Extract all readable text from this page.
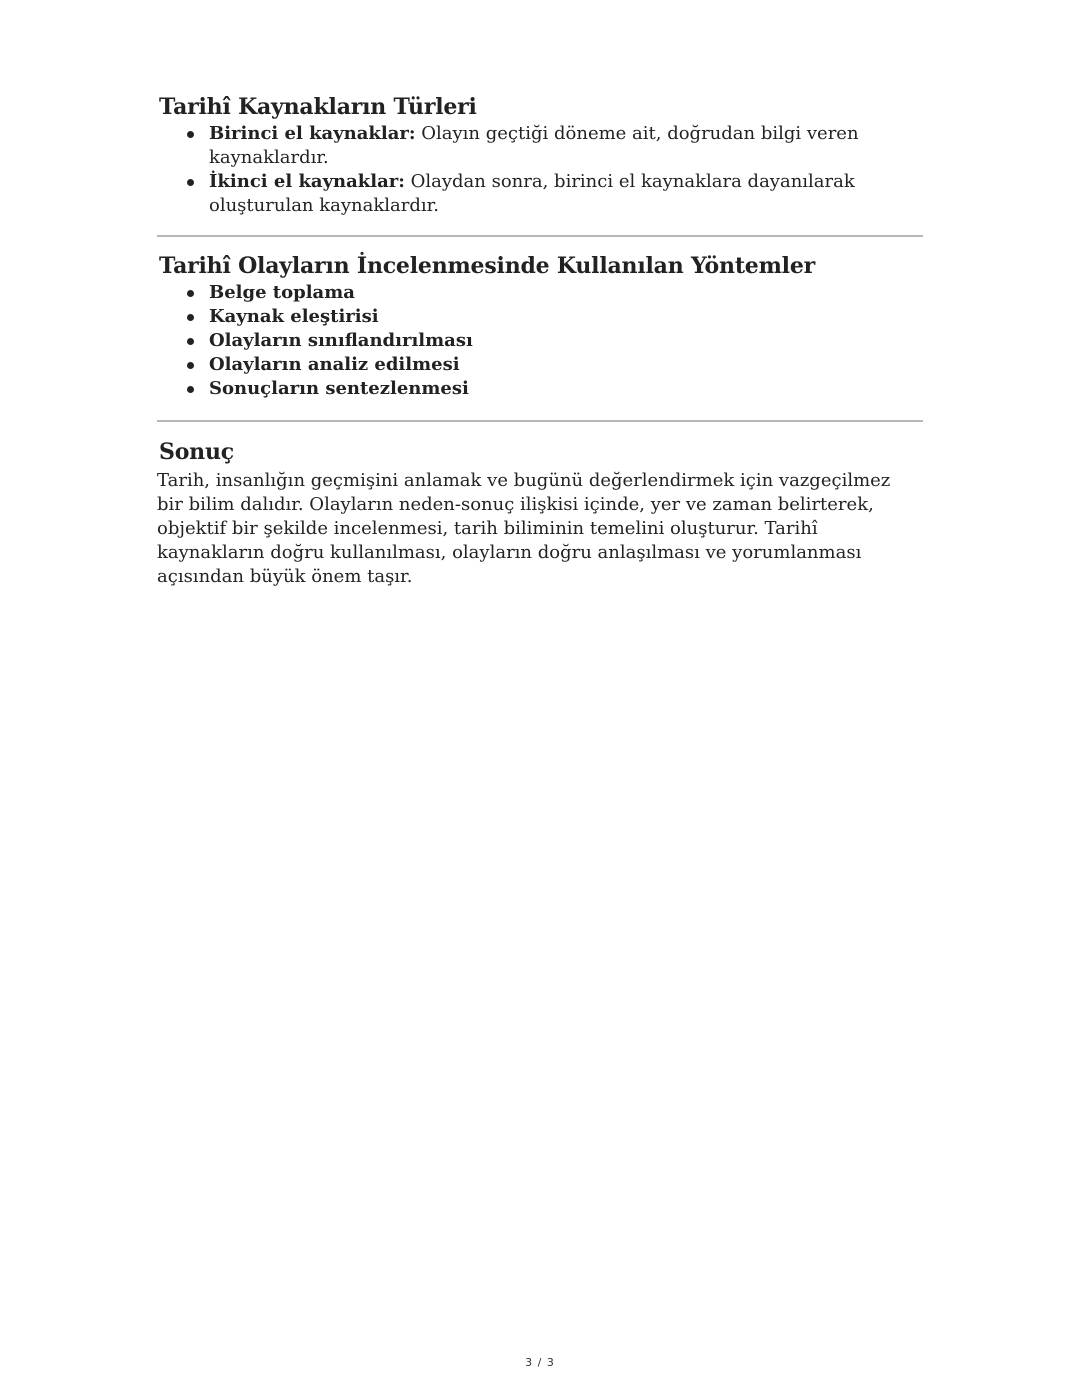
Tarihî Kaynakların Türleri
Birinci el kaynaklar: Olayın geçtiği döneme ait, doğrudan bilgi veren kaynaklardır.
İkinci el kaynaklar: Olaydan sonra, birinci el kaynaklara dayanılarak oluşturulan kaynaklardır.
Tarihî Olayların İncelenmesinde Kullanılan Yöntemler
Belge toplama
Kaynak eleştirisi
Olayların sınıflandırılması
Olayların analiz edilmesi
Sonuçların sentezlenmesi
Sonuç

Tarih, insanlığın geçmişini anlamak ve bugünü değerlendirmek için vazgeçilmez bir bilim dalıdır. Olayların neden-sonuç ilişkisi içinde, yer ve zaman belirterek, objektif bir şekilde incelenmesi, tarih biliminin temelini oluşturur. Tarihî kaynakların doğru kullanılması, olayların doğru anlaşılması ve yorumlanması açısından büyük önem taşır.

3 / 3
